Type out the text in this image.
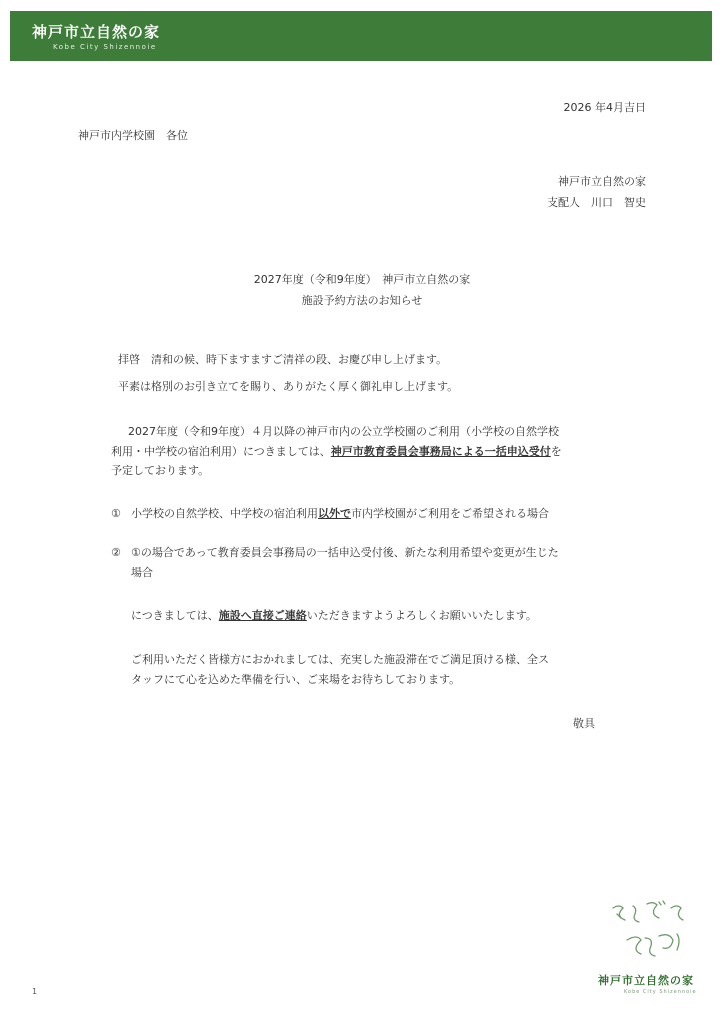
神戸市立自然の家
Kobe City Shizennoie
2026 年4月吉日
神戸市内学校園　各位
神戸市立自然の家
支配人　川口　智史
2027年度（令和9年度）　神戸市立自然の家
施設予約方法のお知らせ
拝啓　清和の候、時下ますますご清祥の段、お慶び申し上げます。
平素は格別のお引き立てを賜り、ありがたく厚く御礼申し上げます。
2027年度（令和9年度）４月以降の神戸市内の公立学校園のご利用（小学校の自然学校
利用・中学校の宿泊利用）につきましては、神戸市教育委員会事務局による一括申込受付を
予定しております。
① 小学校の自然学校、中学校の宿泊利用以外で市内学校園がご利用をご希望される場合
② ①の場合であって教育委員会事務局の一括申込受付後、新たな利用希望や変更が生じた
場合
につきましては、施設へ直接ご連絡いただきますようよろしくお願いいたします。
ご利用いただく皆様方におかれましては、充実した施設滞在でご満足頂ける様、全ス
タッフにて心を込めた準備を行い、ご来場をお待ちしております。
敬具
神戸市立自然の家
Kobe City Shizennoie
1
